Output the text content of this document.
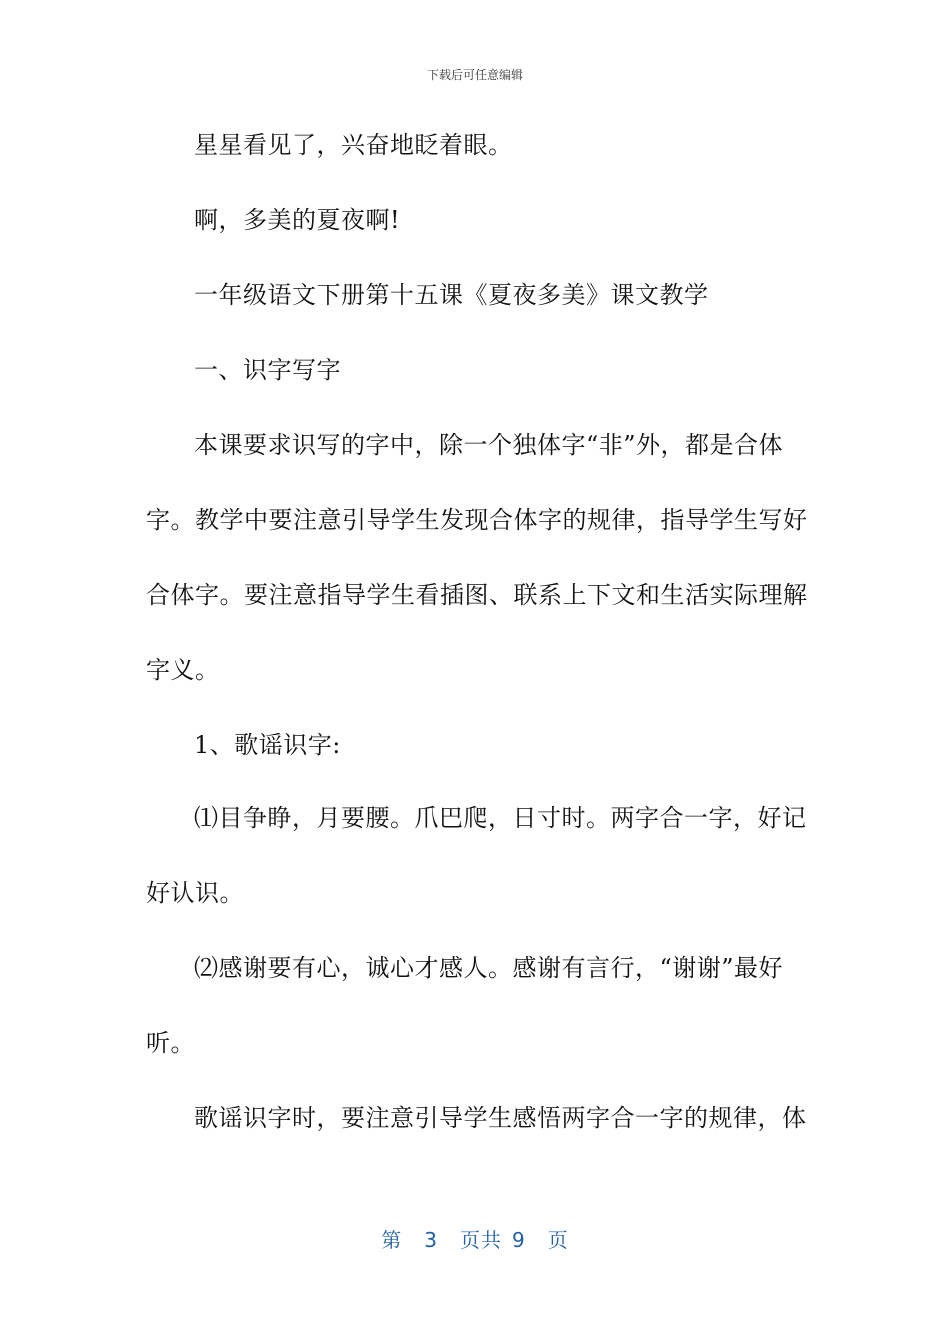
下载后可任意编辑
星星看见了，兴奋地眨着眼。
啊，多美的夏夜啊!
一年级语文下册第十五课《夏夜多美》课文教学
一、识字写字
本课要求识写的字中，除一个独体字“非”外，都是合体
字。教学中要注意引导学生发现合体字的规律，指导学生写好
合体字。要注意指导学生看插图、联系上下文和生活实际理解
字义。
1、歌谣识字:
⑴目争睁，月要腰。爪巴爬，日寸时。两字合一字，好记
好认识。
⑵感谢要有心，诚心才感人。感谢有言行，“谢谢”最好
听。
歌谣识字时，要注意引导学生感悟两字合一字的规律，体
第 3 页共 9 页
